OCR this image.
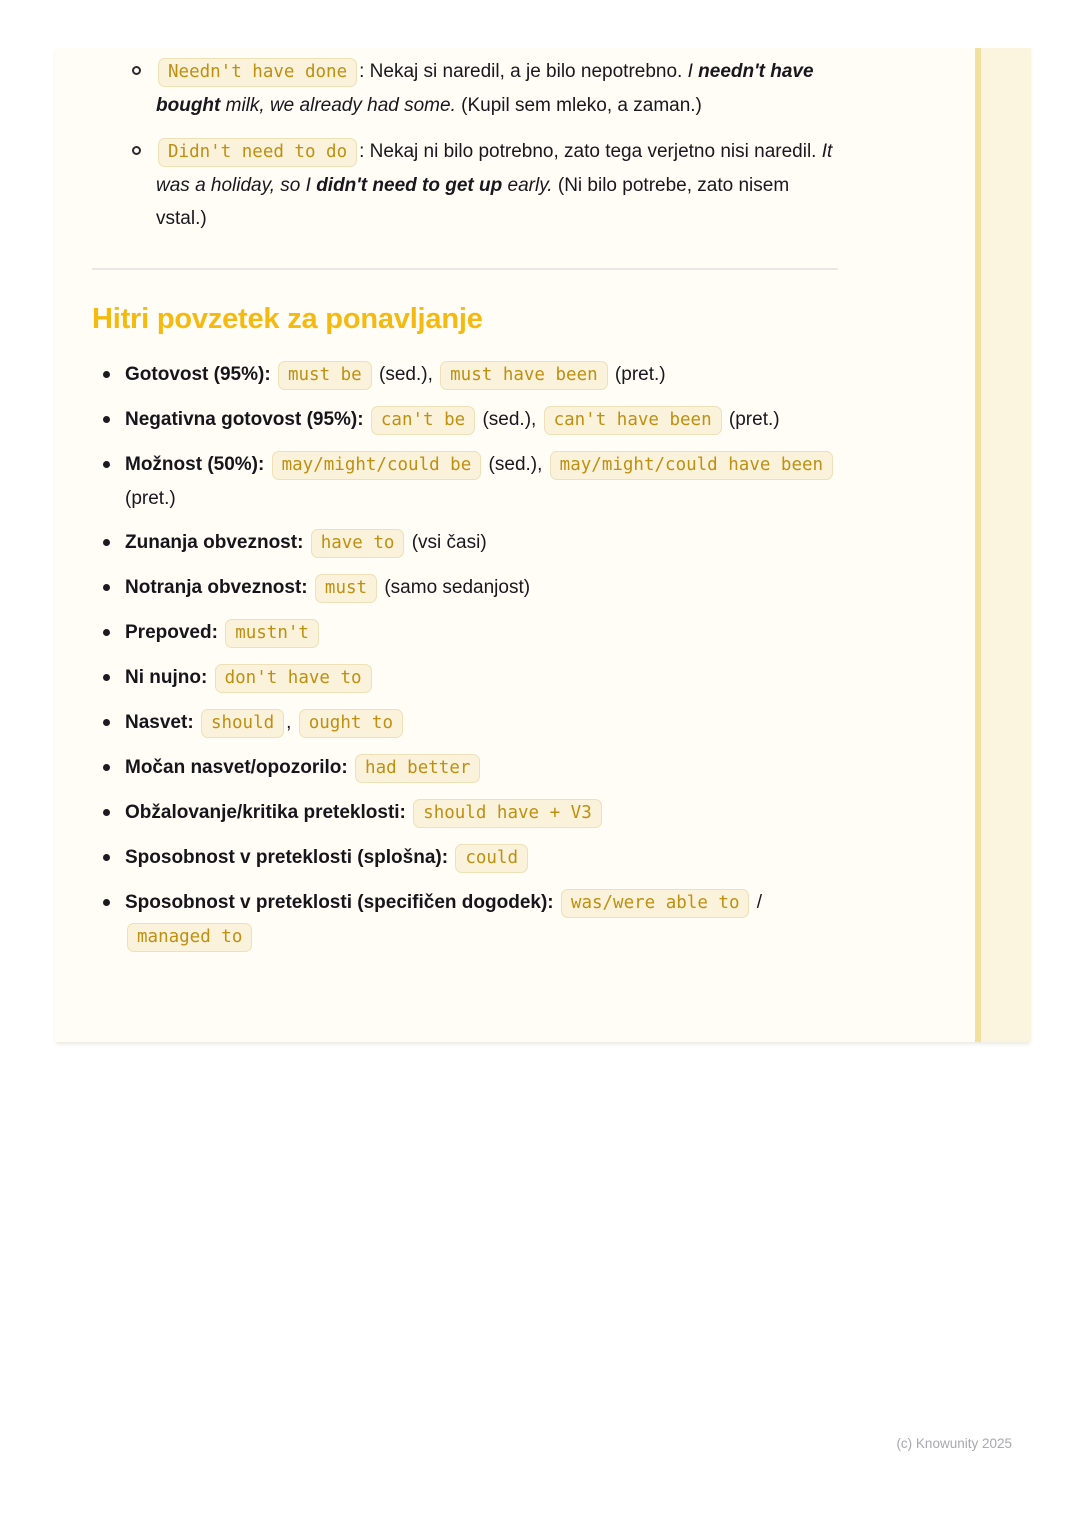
Needn't have done : Nekaj si naredil, a je bilo nepotrebno. I needn't have bought milk, we already had some. (Kupil sem mleko, a zaman.)
Didn't need to do : Nekaj ni bilo potrebno, zato tega verjetno nisi naredil. It was a holiday, so I didn't need to get up early. (Ni bilo potrebe, zato nisem vstal.)
Hitri povzetek za ponavljanje
Gotovost (95%): must be (sed.), must have been (pret.)
Negativna gotovost (95%): can't be (sed.), can't have been (pret.)
Možnost (50%): may/might/could be (sed.), may/might/could have been (pret.)
Zunanja obveznost: have to (vsi časi)
Notranja obveznost: must (samo sedanjost)
Prepoved: mustn't
Ni nujno: don't have to
Nasvet: should , ought to
Močan nasvet/opozorilo: had better
Obžalovanje/kritika preteklosti: should have + V3
Sposobnost v preteklosti (splošna): could
Sposobnost v preteklosti (specifičen dogodek): was/were able to / managed to
(c) Knowunity 2025
